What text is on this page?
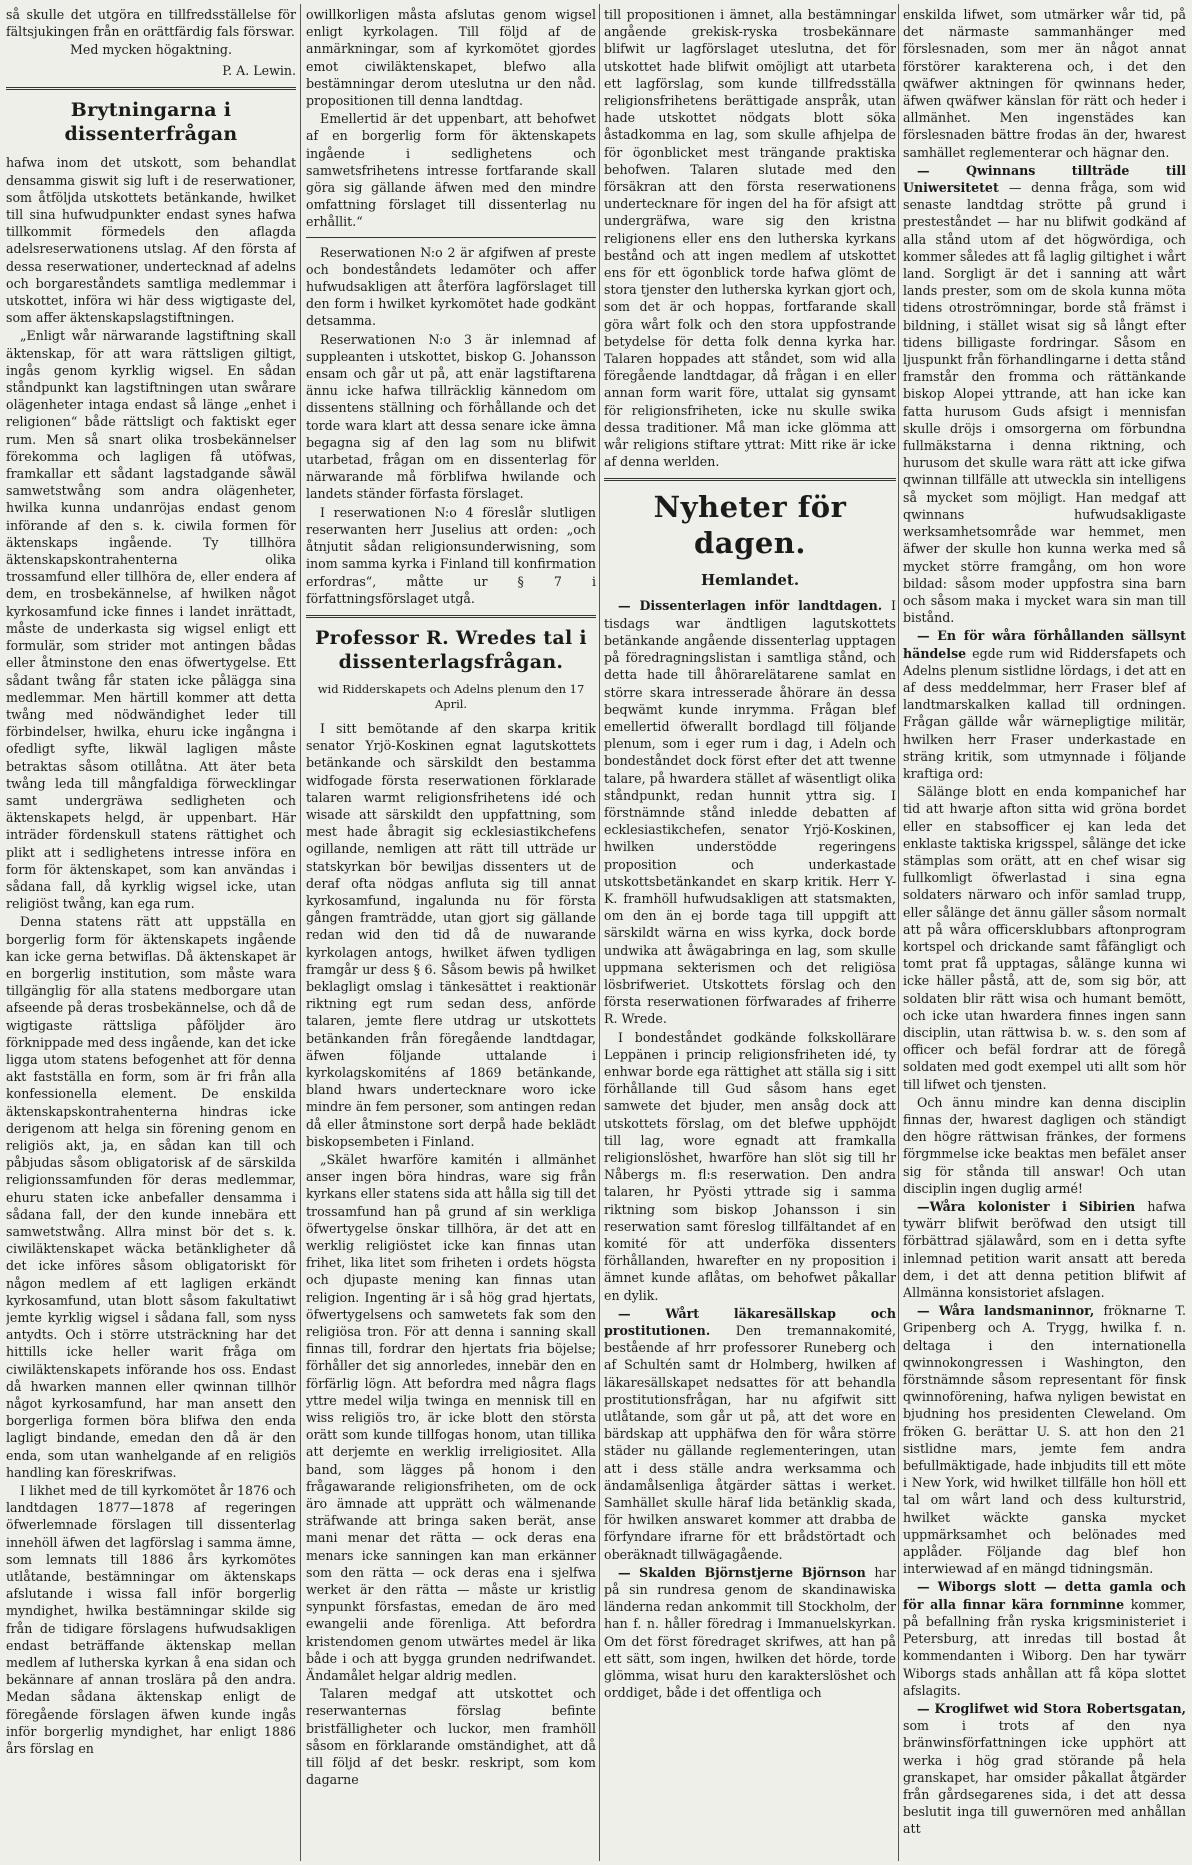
så skulle det utgöra en tillfredsställelse för fältsjukingen från en orättfärdig fals förswar.

Med mycken högaktning.
P. A. Lewin.
Brytningarna i dissenterfrågan

hafwa inom det utskott, som behandlat densamma giswit sig luft i de reserwationer, som åtföljda utskottets betänkande, hwilket till sina hufwudpunkter endast synes hafwa tillkommit förmedels den aflagda adelsreserwationens utslag. Af den första af dessa reserwationer, undertecknad af adelns och borgareståndets samtliga medlemmar i utskottet, införa wi här dess wigtigaste del, som affer äktenskapslagstiftningen.

„Enligt wår närwarande lagstiftning skall äktenskap, för att wara rättsligen giltigt, ingås genom kyrklig wigsel. En sådan ståndpunkt kan lagstiftningen utan swårare olägenheter intaga endast så länge „enhet i religionen“ både rättsligt och faktiskt eger rum. Men så snart olika trosbekännelser förekomma och lagligen få utöfwas, framkallar ett sådant lagstadgande såwäl samwetstwång som andra olägenheter, hwilka kunna undanröjas endast genom införande af den s. k. ciwila formen för äktenskaps ingående. Ty tillhöra äktenskapskontrahenterna olika trossamfund eller tillhöra de, eller endera af dem, en trosbekännelse, af hwilken något kyrkosamfund icke finnes i landet inrättadt, måste de underkasta sig wigsel enligt ett formulär, som strider mot antingen bådas eller åtminstone den enas öfwertygelse. Ett sådant twång får staten icke pålägga sina medlemmar. Men härtill kommer att detta twång med nödwändighet leder till förbindelser, hwilka, ehuru icke ingångna i ofedligt syfte, likwäl lagligen måste betraktas såsom otillåtna. Att äter beta twång leda till mångfaldiga förwecklingar samt undergräwa sedligheten och äktenskapets helgd, är uppenbart. Här inträder fördenskull statens rättighet och plikt att i sedlighetens intresse införa en form för äktenskapet, som kan användas i sådana fall, då kyrklig wigsel icke, utan religiöst twång, kan ega rum.

Denna statens rätt att uppställa en borgerlig form för äktenskapets ingående kan icke gerna betwiflas. Då äktenskapet är en borgerlig institution, som måste wara tillgänglig för alla statens medborgare utan afseende på deras trosbekännelse, och då de wigtigaste rättsliga påföljder äro förknippade med dess ingående, kan det icke ligga utom statens befogenhet att för denna akt fastställa en form, som är fri från alla konfessionella element. De enskilda äktenskapskontrahenterna hindras icke derigenom att helga sin förening genom en religiös akt, ja, en sådan kan till och påbjudas såsom obligatorisk af de särskilda religionssamfunden för deras medlemmar, ehuru staten icke anbefaller densamma i sådana fall, der den kunde innebära ett samwetstwång. Allra minst bör det s. k. ciwiläktenskapet wäcka betänkligheter då det icke införes såsom obligatoriskt för någon medlem af ett lagligen erkändt kyrkosamfund, utan blott såsom fakultatiwt jemte kyrklig wigsel i sådana fall, som nyss antydts. Och i större utsträckning har det hittills icke heller warit fråga om ciwiläktenskapets införande hos oss. Endast då hwarken mannen eller qwinnan tillhör något kyrkosamfund, har man ansett den borgerliga formen böra blifwa den enda lagligt bindande, emedan den då är den enda, som utan wanhelgande af en religiös handling kan föreskrifwas.

I likhet med de till kyrkomötet år 1876 och landtdagen 1877—1878 af regeringen öfwerlemnade förslagen till dissenterlag innehöll äfwen det lagförslag i samma ämne, som lemnats till 1886 års kyrkomötes utlåtande, bestämningar om äktenskaps afslutande i wissa fall inför borgerlig myndighet, hwilka bestämningar skilde sig från de tidigare förslagens hufwudsakligen endast beträffande äktenskap mellan medlem af lutherska kyrkan å ena sidan och bekännare af annan troslära på den andra. Medan sådana äktenskap enligt de föregående förslagen äfwen kunde ingås inför borgerlig myndighet, har enligt 1886 års förslag en

owillkorligen måsta afslutas genom wigsel enligt kyrkolagen. Till följd af de anmärkningar, som af kyrkomötet gjordes emot ciwiläktenskapet, blefwo alla bestämningar derom uteslutna ur den nåd. propositionen till denna landtdag.

Emellertid är det uppenbart, att behofwet af en borgerlig form för äktenskapets ingående i sedlighetens och samwetsfrihetens intresse fortfarande skall göra sig gällande äfwen med den mindre omfattning förslaget till dissenterlag nu erhållit.“

Reserwationen N:o 2 är afgifwen af preste och bondeståndets ledamöter och affer hufwudsakligen att återföra lagförslaget till den form i hwilket kyrkomötet hade godkänt detsamma.

Reserwationen N:o 3 är inlemnad af suppleanten i utskottet, biskop G. Johansson ensam och går ut på, att enär lagstiftarena ännu icke hafwa tillräcklig kännedom om dissentens ställning och förhållande och det torde wara klart att dessa senare icke ämna begagna sig af den lag som nu blifwit utarbetad, frågan om en dissenterlag för närwarande må förblifwa hwilande och landets ständer förfasta förslaget.

I reserwationen N:o 4 föreslår slutligen reserwanten herr Juselius att orden: „och åtnjutit sådan religionsunderwisning, som inom samma kyrka i Finland till konfirmation erfordras“, måtte ur § 7 i författningsförslaget utgå.

Professor R. Wredes tal i dissenterlagsfrågan.
wid Ridderskapets och Adelns plenum den 17 April.

I sitt bemötande af den skarpa kritik senator Yrjö-Koskinen egnat lagutskottets betänkande och särskildt den bestamma widfogade första reserwationen förklarade talaren warmt religionsfrihetens idé och wisade att särskildt den uppfattning, som mest hade åbragit sig ecklesiastikchefens ogillande, nemligen att rätt till utträde ur statskyrkan bör bewiljas dissenters ut de deraf ofta nödgas anfluta sig till annat kyrkosamfund, ingalunda nu för första gången framträdde, utan gjort sig gällande redan wid den tid då de nuwarande kyrkolagen antogs, hwilket äfwen tydligen framgår ur dess § 6. Såsom bewis på hwilket beklagligt omslag i tänkesättet i reaktionär riktning egt rum sedan dess, anförde talaren, jemte flere utdrag ur utskottets betänkanden från föregående landtdagar, äfwen följande uttalande i kyrkolagskomiténs af 1869 betänkande, bland hwars undertecknare woro icke mindre än fem personer, som antingen redan då eller åtminstone sort derpå hade beklädt biskopsembeten i Finland.

„Skälet hwarföre kamitén i allmänhet anser ingen böra hindras, ware sig från kyrkans eller statens sida att hålla sig till det trossamfund han på grund af sin werkliga öfwertygelse önskar tillhöra, är det att en werklig religiöstet icke kan finnas utan frihet, lika litet som friheten i ordets högsta och djupaste mening kan finnas utan religion. Ingenting är i så hög grad hjertats, öfwertygelsens och samwetets fak som den religiösa tron. För att denna i sanning skall finnas till, fordrar den hjertats fria böjelse; förhåller det sig annorledes, innebär den en förfärlig lögn. Att befordra med några flags yttre medel wilja twinga en mennisk till en wiss religiös tro, är icke blott den största orätt som kunde tillfogas honom, utan tillika att derjemte en werklig irreligiositet. Alla band, som lägges på honom i den frågawarande religionsfriheten, om de ock äro ämnade att upprätt och wälmenande sträfwande att bringa saken berät, anse mani menar det rätta — ock deras ena menars icke sanningen kan man erkänner som den rätta — ock deras ena i sjelfwa werket är den rätta — måste ur kristlig synpunkt försfastas, emedan de äro med ewangelii ande förenliga. Att befordra kristendomen genom utwärtes medel är lika både i och att bygga grunden nedrifwandet. Ändamålet helgar aldrig medlen.

Talaren medgaf att utskottet och reserwanternas förslag befinte bristfälligheter och luckor, men framhöll såsom en förklarande omständighet, att då till följd af det beskr. reskript, som kom dagarne

till propositionen i ämnet, alla bestämningar angående grekisk-ryska trosbekännare blifwit ur lagförslaget uteslutna, det för utskottet hade blifwit omöjligt att utarbeta ett lagförslag, som kunde tillfredsställa religionsfrihetens berättigade anspråk, utan hade utskottet nödgats blott söka åstadkomma en lag, som skulle afhjelpa de för ögonblicket mest trängande praktiska behofwen. Talaren slutade med den försäkran att den första reserwationens undertecknare för ingen del ha för afsigt att undergräfwa, ware sig den kristna religionens eller ens den lutherska kyrkans bestånd och att ingen medlem af utskottet ens för ett ögonblick torde hafwa glömt de stora tjenster den lutherska kyrkan gjort och, som det är och hoppas, fortfarande skall göra wårt folk och den stora uppfostrande betydelse för detta folk denna kyrka har. Talaren hoppades att ståndet, som wid alla föregående landtdagar, då frågan i en eller annan form warit före, uttalat sig gynsamt för religionsfriheten, icke nu skulle swika dessa traditioner. Må man icke glömma att wår religions stiftare yttrat: Mitt rike är icke af denna werlden.

Nyheter för dagen.
Hemlandet.

— Dissenterlagen inför landtdagen. I tisdags war ändtligen lagutskottets betänkande angående dissenterlag upptagen på föredragningslistan i samtliga stånd, och detta hade till åhörarelätarene samlat en större skara intresserade åhörare än dessa beqwämt kunde inrymma. Frågan blef emellertid öfwerallt bordlagd till följande plenum, som i eger rum i dag, i Adeln och bondeståndet dock först efter det att twenne talare, på hwardera stället af wäsentligt olika ståndpunkt, redan hunnit yttra sig. I förstnämnde stånd inledde debatten af ecklesiastikchefen, senator Yrjö-Koskinen, hwilken understödde regeringens proposition och underkastade utskottsbetänkandet en skarp kritik. Herr Y-K. framhöll hufwudsakligen att statsmakten, om den än ej borde taga till uppgift att särskildt wärna en wiss kyrka, dock borde undwika att åwägabringa en lag, som skulle uppmana sekterismen och det religiösa lösbrifweriet. Utskottets förslag och den första reserwationen förfwarades af friherre R. Wrede.

I bondeståndet godkände folkskollärare Leppänen i princip religionsfriheten idé, ty enhwar borde ega rättighet att ställa sig i sitt förhållande till Gud såsom hans eget samwete det bjuder, men ansåg dock att utskottets förslag, om det blefwe upphöjdt till lag, wore egnadt att framkalla religionslöshet, hwarföre han slöt sig till hr Nåbergs m. fl:s reserwation. Den andra talaren, hr Pyösti yttrade sig i samma riktning som biskop Johansson i sin reserwation samt föreslog tillfältandet af en komité för att underföka dissenters förhållanden, hwarefter en ny proposition i ämnet kunde aflåtas, om behofwet påkallar en dylik.

— Wårt läkaresällskap och prostitutionen. Den tremannakomité, bestående af hrr professorer Runeberg och af Schultén samt dr Holmberg, hwilken af läkaresällskapet nedsattes för att behandla prostitutionsfrågan, har nu afgifwit sitt utlåtande, som går ut på, att det wore en bärdskap att upphäfwa den för wåra större städer nu gällande reglementeringen, utan att i dess ställe andra werksamma och ändamålsenliga åtgärder sättas i werket. Samhället skulle häraf lida betänklig skada, för hwilken answaret kommer att drabba de förfyndare ifrarne för ett brådstörtadt och oberäknadt tillwägagående.

— Skalden Björnstjerne Björnson har på sin rundresa genom de skandinawiska länderna redan ankommit till Stockholm, der han f. n. håller föredrag i Immanuelskyrkan. Om det först föredraget skrifwes, att han på ett sätt, som ingen, hwilken det hörde, torde glömma, wisat huru den karakterslöshet och orddiget, både i det offentliga och

enskilda lifwet, som utmärker wår tid, på det närmaste sammanhänger med förslesnaden, som mer än något annat förstörer karakterena och, i det den qwäfwer aktningen för qwinnans heder, äfwen qwäfwer känslan för rätt och heder i allmänhet. Men ingenstädes kan förslesnaden bättre frodas än der, hwarest samhället reglementerar och hägnar den.

— Qwinnans tillträde till Uniwersitetet — denna fråga, som wid senaste landtdag strötte på grund i presteståndet — har nu blifwit godkänd af alla stånd utom af det högwördiga, och kommer således att få laglig giltighet i wårt land. Sorgligt är det i sanning att wårt lands prester, som om de skola kunna möta tidens otroströmningar, borde stå främst i bildning, i stället wisat sig så långt efter tidens billigaste fordringar. Såsom en ljuspunkt från förhandlingarne i detta stånd framstår den fromma och rättänkande biskop Alopei yttrande, att han icke kan fatta hurusom Guds afsigt i mennisfan skulle dröjs i omsorgerna om förbundna fullmäkstarna i denna riktning, och hurusom det skulle wara rätt att icke gifwa qwinnan tillfälle att utweckla sin intelligens så mycket som möjligt. Han medgaf att qwinnans hufwudsakligaste werksamhetsområde war hemmet, men äfwer der skulle hon kunna werka med så mycket större framgång, om hon wore bildad: såsom moder uppfostra sina barn och såsom maka i mycket wara sin man till bistånd.

— En för wåra förhållanden sällsynt händelse egde rum wid Riddersfapets och Adelns plenum sistlidne lördags, i det att en af dess meddelmmar, herr Fraser blef af landtmarskalken kallad till ordningen. Frågan gällde wår wärnepligtige militär, hwilken herr Fraser underkastade en sträng kritik, som utmynnade i följande kraftiga ord:

Sälänge blott en enda kompanichef har tid att hwarje afton sitta wid gröna bordet eller en stabsofficer ej kan leda det enklaste taktiska krigsspel, sålänge det icke stämplas som orätt, att en chef wisar sig fullkomligt öfwerlastad i sina egna soldaters närwaro och inför samlad trupp, eller sålänge det ännu gäller såsom normalt att på wåra officersklubbars aftonprogram kortspel och drickande samt fåfängligt och tomt prat få upptagas, sålänge kunna wi icke häller påstå, att de, som sig bör, att soldaten blir rätt wisa och humant bemött, och icke utan hwardera finnes ingen sann disciplin, utan rättwisa b. w. s. den som af officer och befäl fordrar att de föregå soldaten med godt exempel uti allt som hör till lifwet och tjensten.

Och ännu mindre kan denna disciplin finnas der, hwarest dagligen och ständigt den högre rättwisan fränkes, der formens förgmmelse icke beaktas men befälet anser sig för stånda till answar! Och utan disciplin ingen duglig armé!

—Wåra kolonister i Sibirien hafwa tywärr blifwit beröfwad den utsigt till förbättrad själawård, som en i detta syfte inlemnad petition warit ansatt att bereda dem, i det att denna petition blifwit af Allmänna konsistoriet afslagen.

— Wåra landsmaninnor, fröknarne T. Gripenberg och A. Trygg, hwilka f. n. deltaga i den internationella qwinnokongressen i Washington, den förstnämnde såsom representant för finsk qwinnoförening, hafwa nyligen bewistat en bjudning hos presidenten Cleweland. Om fröken G. berättar U. S. att hon den 21 sistlidne mars, jemte fem andra befullmäktigade, hade inbjudits till ett möte i New York, wid hwilket tillfälle hon höll ett tal om wårt land och dess kulturstrid, hwilket wäckte ganska mycket uppmärksamhet och belönades med applåder. Följande dag blef hon interwiewad af en mängd tidningsmän.

— Wiborgs slott — detta gamla och för alla finnar kära fornminne kommer, på befallning från ryska krigsministeriet i Petersburg, att inredas till bostad åt kommendanten i Wiborg. Den har tywärr Wiborgs stads anhållan att få köpa slottet afslagits.

— Kroglifwet wid Stora Robertsgatan, som i trots af den nya bränwinsförfattningen icke upphört att werka i hög grad störande på hela granskapet, har omsider påkallat åtgärder från gårdsegarenes sida, i det att dessa beslutit inga till guwernören med anhållan att
